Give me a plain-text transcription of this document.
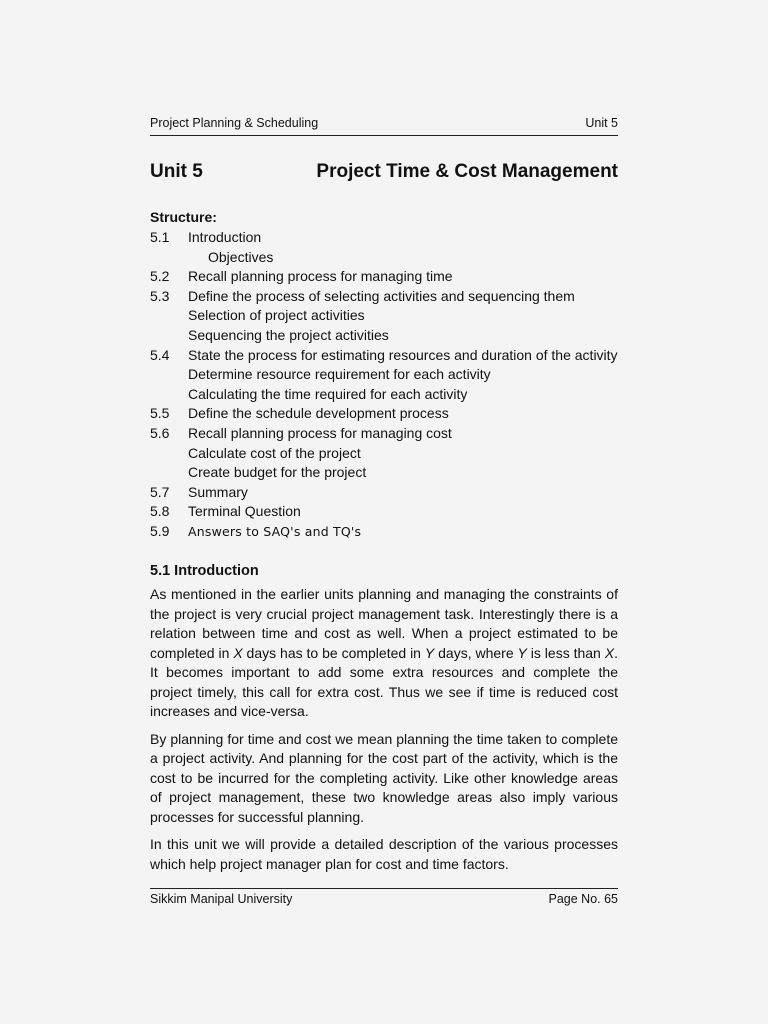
Project Planning & Scheduling	Unit 5
Unit 5	Project Time & Cost Management
Structure:
5.1 Introduction
Objectives
5.2 Recall planning process for managing time
5.3 Define the process of selecting activities and sequencing them
Selection of project activities
Sequencing the project activities
5.4 State the process for estimating resources and duration of the activity
Determine resource requirement for each activity
Calculating the time required for each activity
5.5 Define the schedule development process
5.6 Recall planning process for managing cost
Calculate cost of the project
Create budget for the project
5.7 Summary
5.8 Terminal Question
5.9 Answers to SAQ's and TQ's
5.1 Introduction

As mentioned in the earlier units planning and managing the constraints of the project is very crucial project management task. Interestingly there is a relation between time and cost as well. When a project estimated to be completed in X days has to be completed in Y days, where Y is less than X. It becomes important to add some extra resources and complete the project timely, this call for extra cost. Thus we see if time is reduced cost increases and vice-versa.

By planning for time and cost we mean planning the time taken to complete a project activity. And planning for the cost part of the activity, which is the cost to be incurred for the completing activity. Like other knowledge areas of project management, these two knowledge areas also imply various processes for successful planning.

In this unit we will provide a detailed description of the various processes which help project manager plan for cost and time factors.

Sikkim Manipal University	Page No. 65
